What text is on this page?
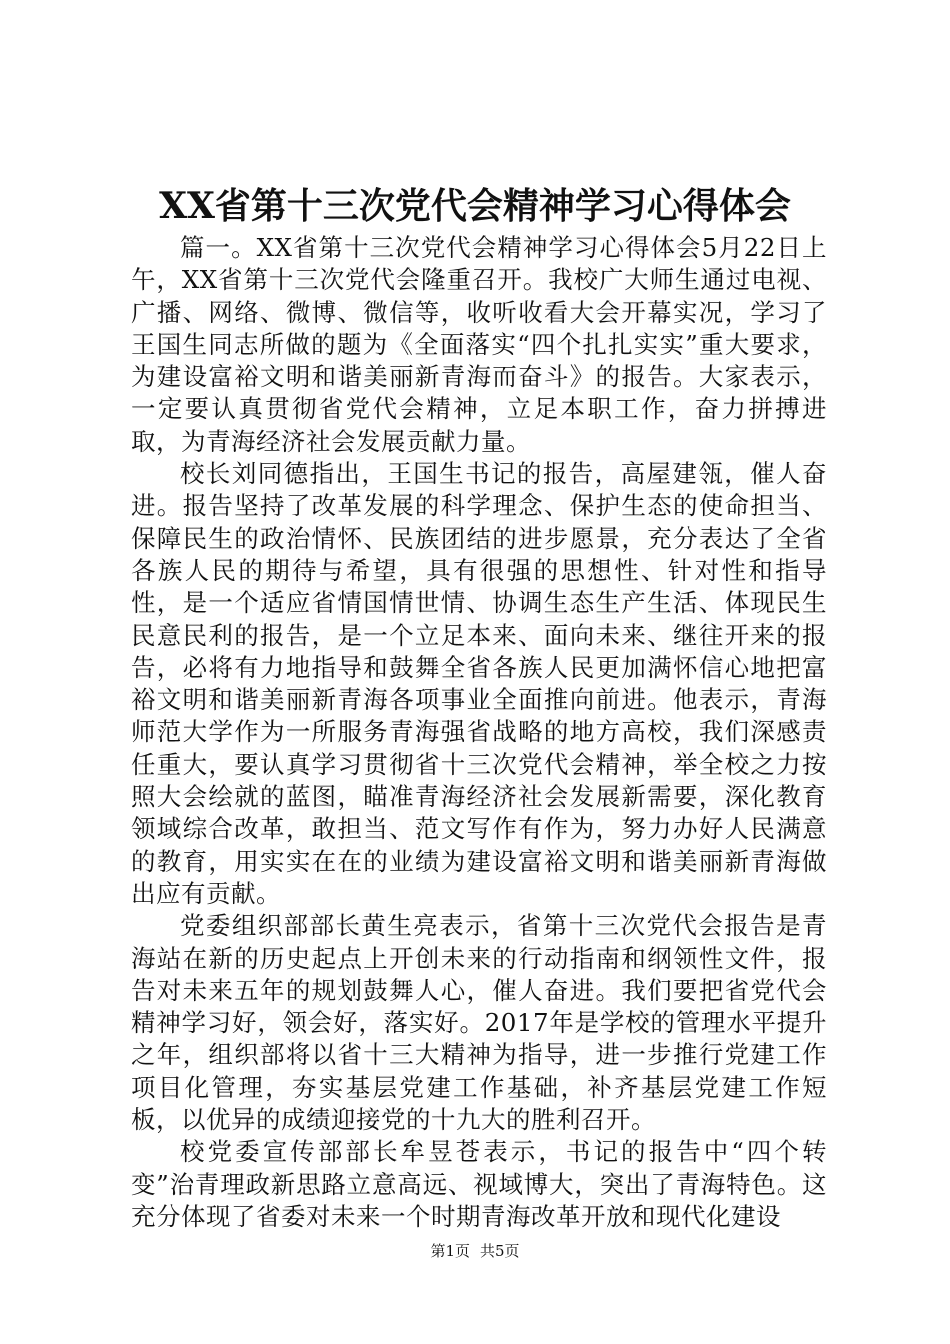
XX省第十三次党代会精神学习心得体会

篇一。XX省第十三次党代会精神学习心得体会5月22日上午，XX省第十三次党代会隆重召开。我校广大师生通过电视、广播、网络、微博、微信等，收听收看大会开幕实况，学习了王国生同志所做的题为《全面落实“四个扎扎实实”重大要求，为建设富裕文明和谐美丽新青海而奋斗》的报告。大家表示，一定要认真贯彻省党代会精神，立足本职工作，奋力拼搏进取，为青海经济社会发展贡献力量。

校长刘同德指出，王国生书记的报告，高屋建瓴，催人奋进。报告坚持了改革发展的科学理念、保护生态的使命担当、保障民生的政治情怀、民族团结的进步愿景，充分表达了全省各族人民的期待与希望，具有很强的思想性、针对性和指导性，是一个适应省情国情世情、协调生态生产生活、体现民生民意民利的报告，是一个立足本来、面向未来、继往开来的报告，必将有力地指导和鼓舞全省各族人民更加满怀信心地把富裕文明和谐美丽新青海各项事业全面推向前进。他表示，青海师范大学作为一所服务青海强省战略的地方高校，我们深感责任重大，要认真学习贯彻省十三次党代会精神，举全校之力按照大会绘就的蓝图，瞄准青海经济社会发展新需要，深化教育领域综合改革，敢担当、范文写作有作为，努力办好人民满意的教育，用实实在在的业绩为建设富裕文明和谐美丽新青海做出应有贡献。

党委组织部部长黄生亮表示，省第十三次党代会报告是青海站在新的历史起点上开创未来的行动指南和纲领性文件，报告对未来五年的规划鼓舞人心，催人奋进。我们要把省党代会精神学习好，领会好，落实好。2017年是学校的管理水平提升之年，组织部将以省十三大精神为指导，进一步推行党建工作项目化管理，夯实基层党建工作基础，补齐基层党建工作短板，以优异的成绩迎接党的十九大的胜利召开。

校党委宣传部部长牟昱苍表示，书记的报告中“四个转变”治青理政新思路立意高远、视域博大，突出了青海特色。这充分体现了省委对未来一个时期青海改革开放和现代化建设

第1页 共5页
